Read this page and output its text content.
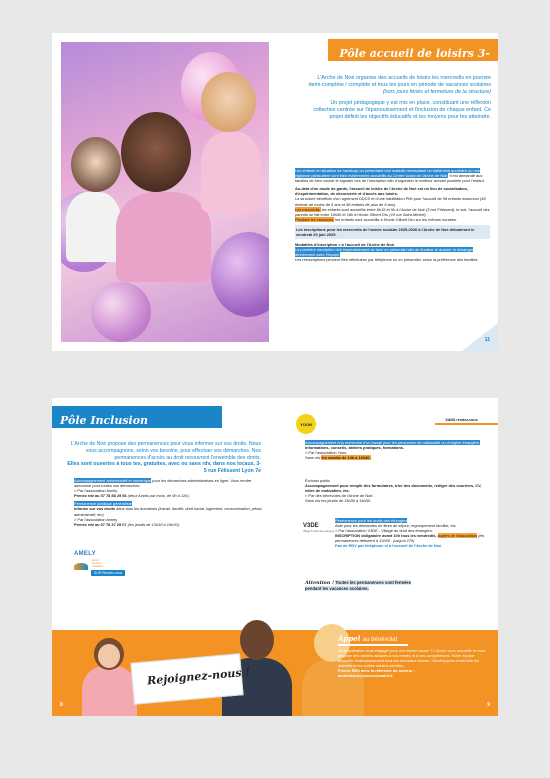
Pôle accueil de loisirs 3-13 ans
L'Arche de Noé organise des accueils de loisirs les mercredis en journée demi-complète / complète et tous les jours en période de vacances scolaires (hors jours fériés et fermeture de la structure)
Un projet pédagogique y est mis en place, constituant une réflexion collective centrée sur l'épanouissement et l'inclusion de chaque enfant. Ce projet définit les objectifs éducatifs et les moyens pour les atteindre.
Les enfants en situation de handicap ou présentant une maladie nécessitant un traitement quotidien ou une vigilance particulière sont bien évidemment accueillis au Centre social de l'Arche de Noé. Il est demandé aux familles de bien vouloir le signaler lors de l'inscription afin d'organiser le meilleur accueil possible pour l'enfant.
Au-delà d'un mode de garde, l'accueil de loisirs de l'Arche de Noé est un lieu de socialisation, d'expérimentation, de découverte et d'accès aux loisirs.
La structure bénéficie d'un agrément DDCS et d'une habilitation PMI pour l'accueil de 96 enfants maximum (48 enfants de moins de 6 ans et 48 enfants de plus de 6 ans).
Les mercredis, les enfants sont accueillis entre 8h15 et 9h à l'Arche de Noé (3 rue Félissent), le soir, l'accueil des parents se fait entre 16h30 et 18h à l'école Gilbert Dru (10 rue Saint-Michel).
Pendant les vacances, les enfants sont accueillis à l'école Gilbert Dru sur les mêmes horaires.
Les inscriptions pour les mercredis de l'année scolaire 2025-2026 à l'Arche de Noé débuteront le vendredi 20 juin 2025.
Modalités d'inscription > à l'accueil de l'Arche de Noé.
La première inscription doit impérativement se faire en présentiel afin de finaliser le dossier et échanger directement avec l'équipe.
Les réinscriptions peuvent être effectuées par téléphone ou en présentiel, selon la préférence des familles.
11
Rejoignez-nous !
Pôle Inclusion
L'Arche de Noé propose des permanences pour vous informer sur vos droits. Nous vous accompagnons, selon vos besoins, pour effectuer vos démarches. Nos permanences d'accès au droit recouvrent l'ensemble des droits.
Elles sont ouvertes à tous tes, gratuites, avec ou sans rdv, dans nos locaux, 3-5 rue Félissent Lyon 7e
Accompagnement administratif et numérique pour les démarches administratives en ligne. Vous rendre autonome pour toutes vos démarches.
> Par l'association Amely
Prenez rdv au 07 78 58 29 66 (deux lundis par mois, de 9h à 12h).
Permanence juridique généraliste
Informe sur vos droits dans tous les domaines (travail, famille, droit social, logement, consommation, pénal, administratif, etc).
> Par l'association Amely
Prenez rdv au 07 78 37 29 07 (les jeudis de 13h30 à 16h30).
AMELY
accès
au droit
médiation
SUR Rendez-vous
8
SANS rendez-vous
YOON
Accompagnement à la recherche d'un travail pour les personnes de nationalité ou d'origine étrangère.
Informations, conseils, ateliers pratiques, formations.
> Par l'association Yoon.
Sans rdv les mardis de 14h à 16h30.
Écrivain public
Accompagnement pour remplir des formulaires, trier des documents, rédiger des courriers, CV, lettre de motivation, etc.
> Par des bénévoles de l'Arche de Noé.
Sans rdv les jeudis de 13h30 à 16h30.
V3DE
Village du droit des étrangers
Permanence pour les droits des étrangers
Aide pour les demandes de titres de séjour, regroupement familial, etc.
> Par l'association V3DE - Village du droit des étrangers.
INSCRIPTION obligatoire avant 10h tous les vendredis, auprès de l'association (les permanences débutent à 13h30 - jusqu'à 17h)
Pas de RDV par téléphone ni à l'accueil de l'Arche de Noé.
Attention ! Toutes les permanences sont fermées pendant les vacances scolaires.
Appel au bénévolat
Vous souhaitez vous engager pour une bonne cause ? L'Arche vous accueille et vous propose des ateliers adaptés à vos envies et à vos compétences. Notre équipe accueille chaleureusement tous les nouveaux talents ! Développons ensemble les activités et les sorties adultes-familles.
Prenez RDV avec la référente du secteur :
archedenoe@armeedusalut.fr
9
